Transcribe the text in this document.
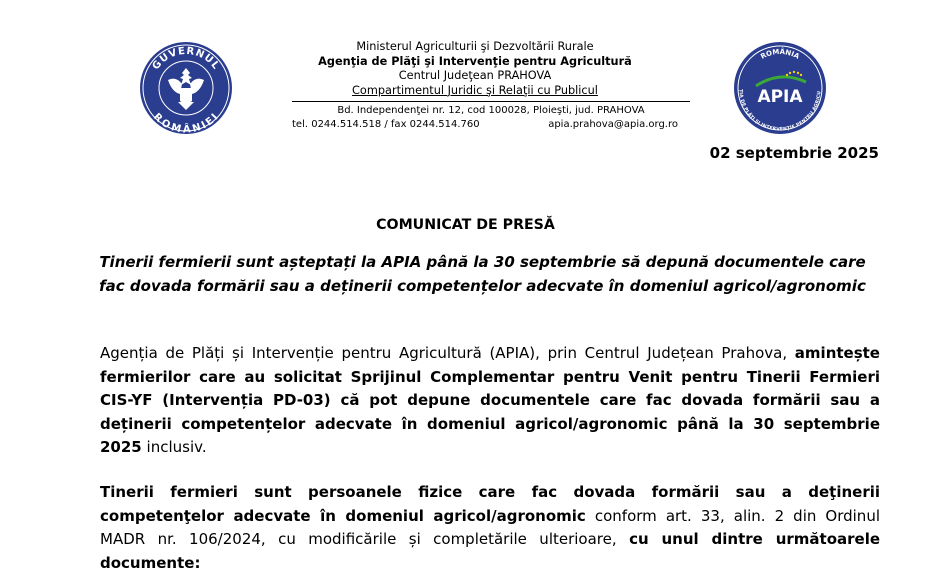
GUVERNUL
ROMÂNIEI
Ministerul Agriculturii şi Dezvoltării Rurale
Agenţia de Plăţi şi Intervenţie pentru Agricultură
Centrul Judeţean PRAHOVA
Compartimentul Juridic şi Relaţii cu Publicul
Bd. Independenţei nr. 12, cod 100028, Ploieşti, jud. PRAHOVA
tel. 0244.514.518 / fax 0244.514.760	apia.prahova@apia.org.ro
ROMÂNIA
ȚIA DE PLĂȚI ȘI INTERVENȚIE PENTRU AGRICU
APIA
02 septembrie 2025
COMUNICAT DE PRESĂ
Tinerii fermierii sunt așteptați la APIA până la 30 septembrie să depună documentele care fac dovada formării sau a deținerii competențelor adecvate în domeniul agricol/agronomic
Agenția de Plăți și Intervenție pentru Agricultură (APIA), prin Centrul Județean Prahova, amintește fermierilor care au solicitat Sprijinul Complementar pentru Venit pentru Tinerii Fermieri CIS-YF (Intervenția PD-03) că pot depune documentele care fac dovada formării sau a deținerii competențelor adecvate în domeniul agricol/agronomic până la 30 septembrie 2025 inclusiv.
Tinerii fermieri sunt persoanele fizice care fac dovada formării sau a deţinerii competenţelor adecvate în domeniul agricol/agronomic conform art. 33, alin. 2 din Ordinul MADR nr. 106/2024, cu modificările și completările ulterioare, cu unul dintre următoarele documente:
